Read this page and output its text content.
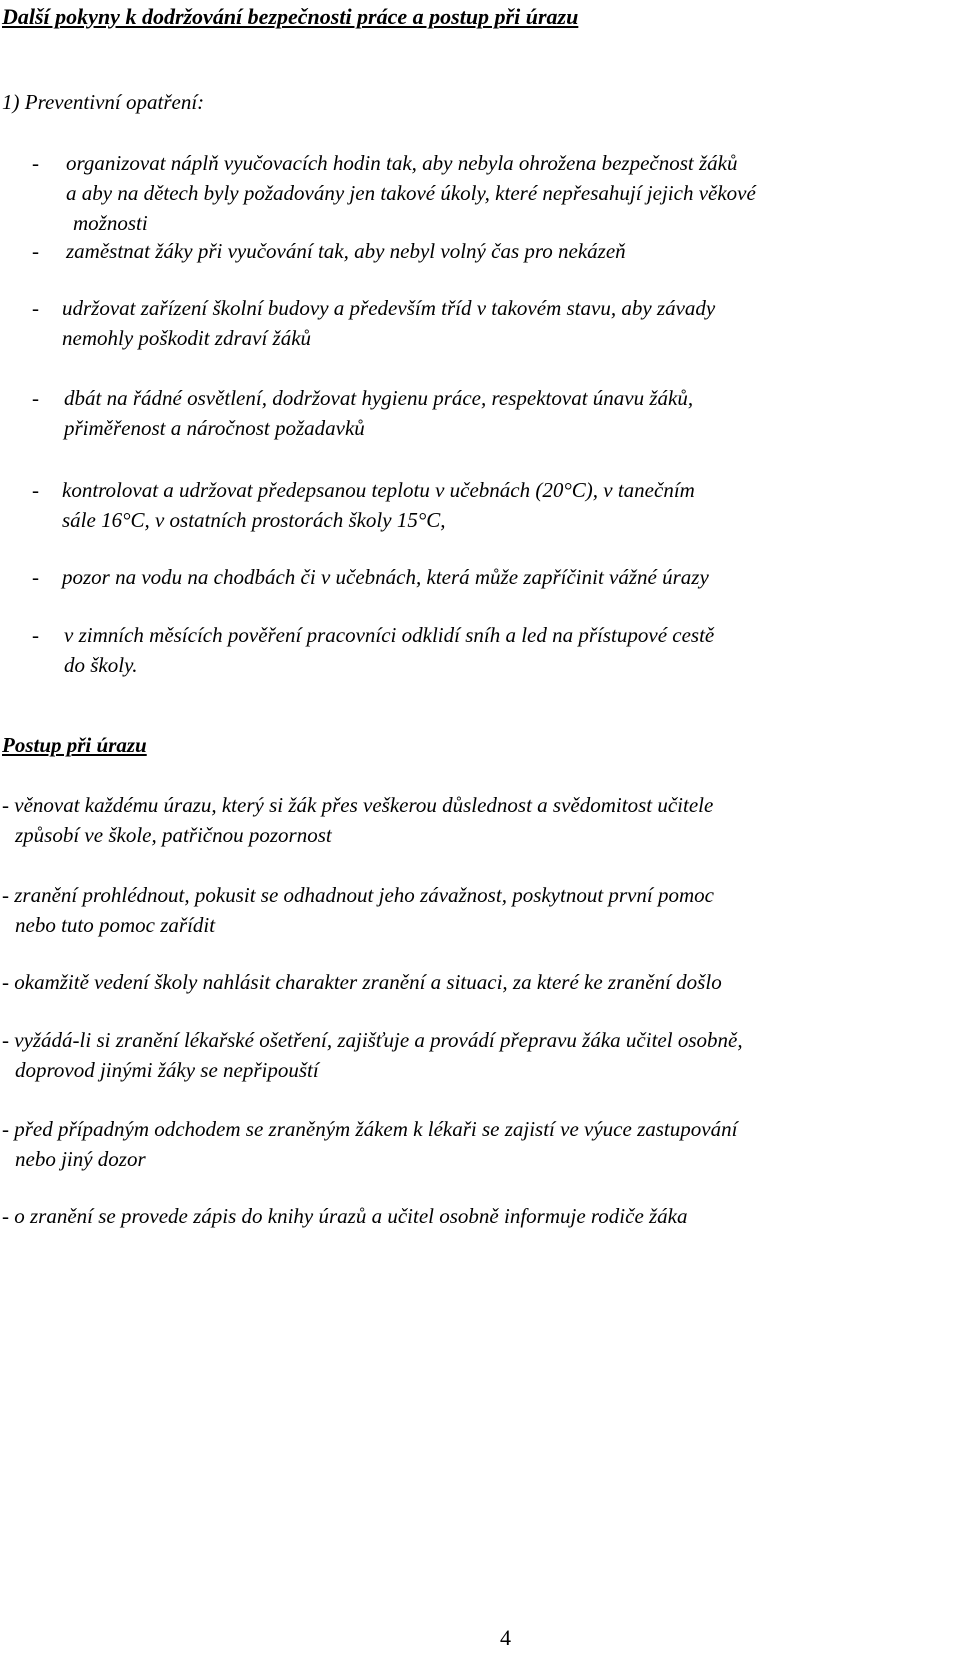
Další pokyny k dodržování bezpečnosti práce a postup při úrazu
1) Preventivní opatření:
- organizovat náplň vyučovacích hodin tak, aby nebyla ohrožena bezpečnost žáků
a aby na dětech byly požadovány jen takové úkoly, které nepřesahují jejich věkové
možnosti
- zaměstnat žáky při vyučování tak, aby nebyl volný čas pro nekázeň
- udržovat zařízení školní budovy a především tříd v takovém stavu, aby závady
nemohly poškodit zdraví žáků
- dbát na řádné osvětlení, dodržovat hygienu práce, respektovat únavu žáků,
přiměřenost a náročnost požadavků
- kontrolovat a udržovat předepsanou teplotu v učebnách (20°C), v tanečním
sále 16°C, v ostatních prostorách školy 15°C,
- pozor na vodu na chodbách či v učebnách, která může zapříčinit vážné úrazy
- v zimních měsících pověření pracovníci odklidí sníh a led na přístupové cestě
do školy.
Postup při úrazu
- věnovat každému úrazu, který si žák přes veškerou důslednost a svědomitost učitele
způsobí ve škole, patřičnou pozornost
- zranění prohlédnout, pokusit se odhadnout jeho závažnost, poskytnout první pomoc
nebo tuto pomoc zařídit
- okamžitě vedení školy nahlásit charakter zranění a situaci, za které ke zranění došlo
- vyžádá-li si zranění lékařské ošetření, zajišťuje a provádí přepravu žáka učitel osobně,
doprovod jinými žáky se nepřipouští
- před případným odchodem se zraněným žákem k lékaři se zajistí ve výuce zastupování
nebo jiný dozor
- o zranění se provede zápis do knihy úrazů a učitel osobně informuje rodiče žáka
4
